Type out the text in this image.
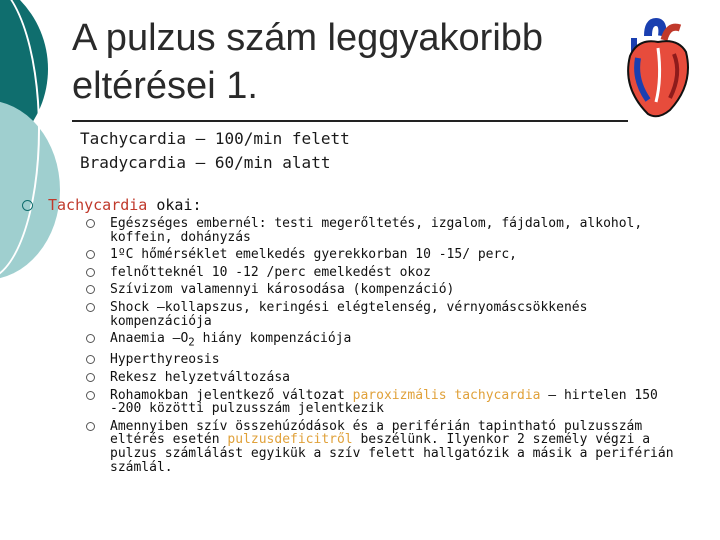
A pulzus szám leggyakoribb eltérései 1.
Tachycardia – 100/min felett
Bradycardia – 60/min alatt
Tachycardia okai:
Egészséges embernél: testi megerőltetés, izgalom, fájdalom, alkohol, koffein, dohányzás
1ºC hőmérséklet emelkedés gyerekkorban 10 -15/ perc,
felnőtteknél 10 -12 /perc emelkedést okoz
Szívizom valamennyi károsodása (kompenzáció)
Shock –kollapszus, keringési elégtelenség, vérnyomáscsökkenés kompenzációja
Anaemia $-O_2$ hiány kompenzációja
Hyperthyreosis
Rekesz helyzetváltozása
Rohamokban jelentkező változat paroxizmális tachycardia – hirtelen 150 -200 közötti pulzusszám jelentkezik
Amennyiben szív összehúzódások és a periférián tapintható pulzusszám eltérés esetén pulzusdeficitről beszélünk. Ilyenkor 2 személy végzi a pulzus számlálást egyikük a szív felett hallgatózik a másik a periférián számlál.
